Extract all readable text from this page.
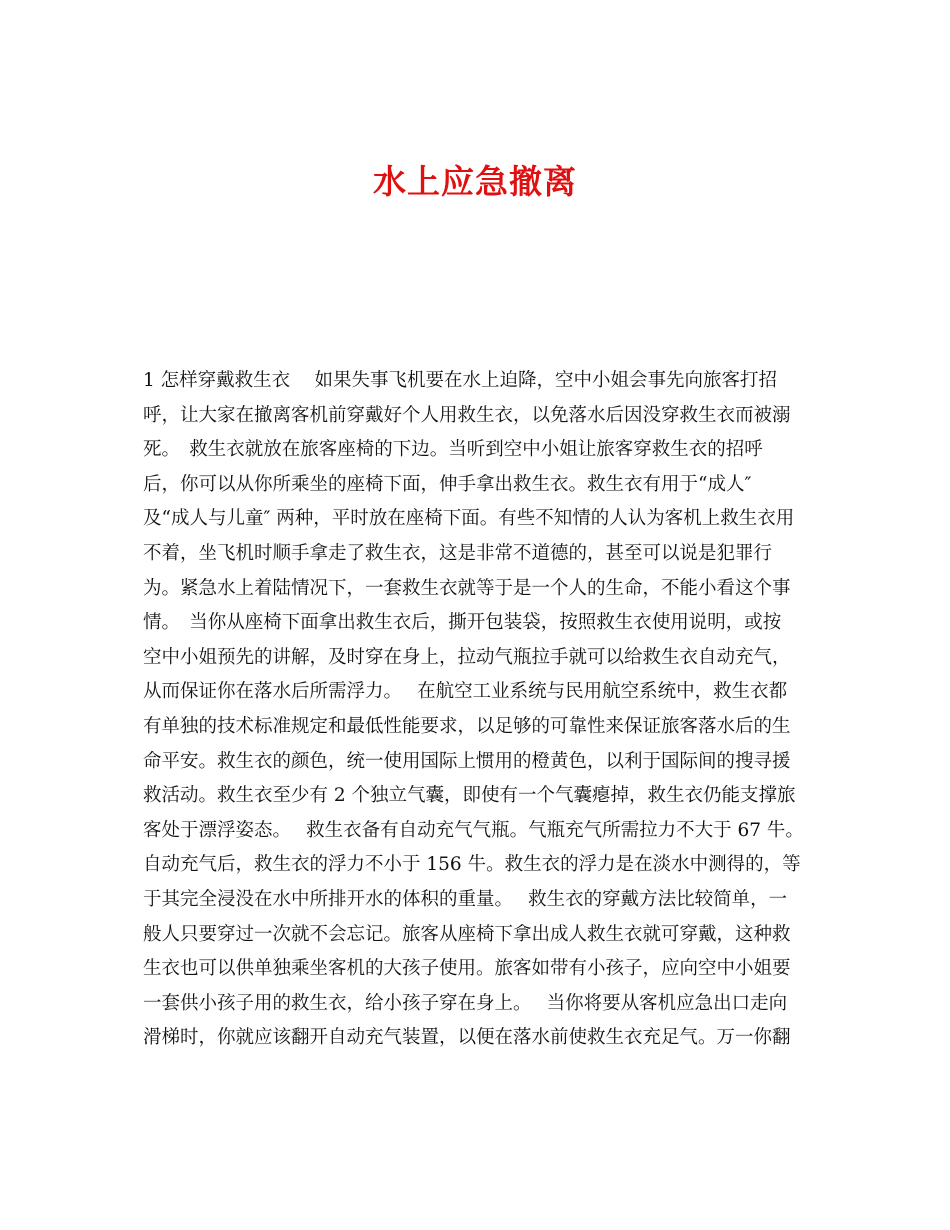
水上应急撤离
1 怎样穿戴救生衣　 如果失事飞机要在水上迫降，空中小姐会事先向旅客打招
呼，让大家在撤离客机前穿戴好个人用救生衣，以免落水后因没穿救生衣而被溺
死。　救生衣就放在旅客座椅的下边。当听到空中小姐让旅客穿救生衣的招呼
后，你可以从你所乘坐的座椅下面，伸手拿出救生衣。救生衣有用于“成人″
及“成人与儿童″ 两种，平时放在座椅下面。有些不知情的人认为客机上救生衣用
不着，坐飞机时顺手拿走了救生衣，这是非常不道德的，甚至可以说是犯罪行
为。紧急水上着陆情况下，一套救生衣就等于是一个人的生命，不能小看这个事
情。　当你从座椅下面拿出救生衣后，撕开包装袋，按照救生衣使用说明，或按
空中小姐预先的讲解，及时穿在身上，拉动气瓶拉手就可以给救生衣自动充气，
从而保证你在落水后所需浮力。　 在航空工业系统与民用航空系统中，救生衣都
有单独的技术标准规定和最低性能要求，以足够的可靠性来保证旅客落水后的生
命平安。救生衣的颜色，统一使用国际上惯用的橙黄色，以利于国际间的搜寻援
救活动。救生衣至少有 2 个独立气囊，即使有一个气囊瘪掉，救生衣仍能支撑旅
客处于漂浮姿态。　 救生衣备有自动充气气瓶。气瓶充气所需拉力不大于 67 牛。
自动充气后，救生衣的浮力不小于 156 牛。救生衣的浮力是在淡水中测得的，等
于其完全浸没在水中所排开水的体积的重量。　 救生衣的穿戴方法比较简单，一
般人只要穿过一次就不会忘记。旅客从座椅下拿出成人救生衣就可穿戴，这种救
生衣也可以供单独乘坐客机的大孩子使用。旅客如带有小孩子，应向空中小姐要
一套供小孩子用的救生衣，给小孩子穿在身上。　 当你将要从客机应急出口走向
滑梯时，你就应该翻开自动充气装置，以便在落水前使救生衣充足气。万一你翻
